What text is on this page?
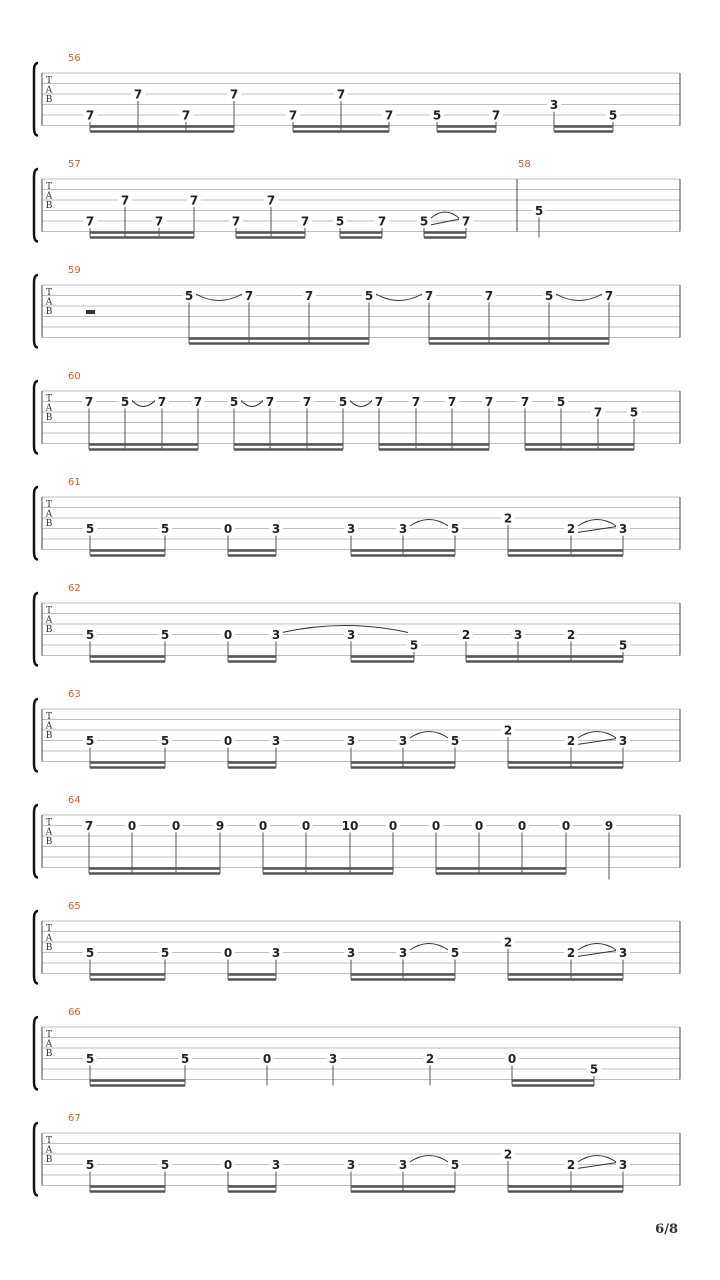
T
A
B
56
7
7
7
7
7
7
7	5	7
3
5
T
A
B
57	58
7
7
7
7
7
7
7 5	7	5	7
5
T
A
B
59
5	7	7	5	7	7	5	7
T
A
B
60
7 5 7 7 5 7 7 5 7 7 7 7 7 5
7 5
T
A
B
61
5	5	0	3	3	3	5
2
2	3
T
A
B
62
5	5	0	3	3
5
2	3	2
5
T
A
B
63
5	5	0	3	3	3	5
2
2	3
T
A
B
64
7	0	0	9	0	0	10	0	0	0	0	0	9
T
A
B
65
5	5	0	3	3	3	5
2
2	3
T
A
B
66
5	5	0	3	2	0
5
T
A
B
67
5	5	0	3	3	3	5
2
2	3
6/8
